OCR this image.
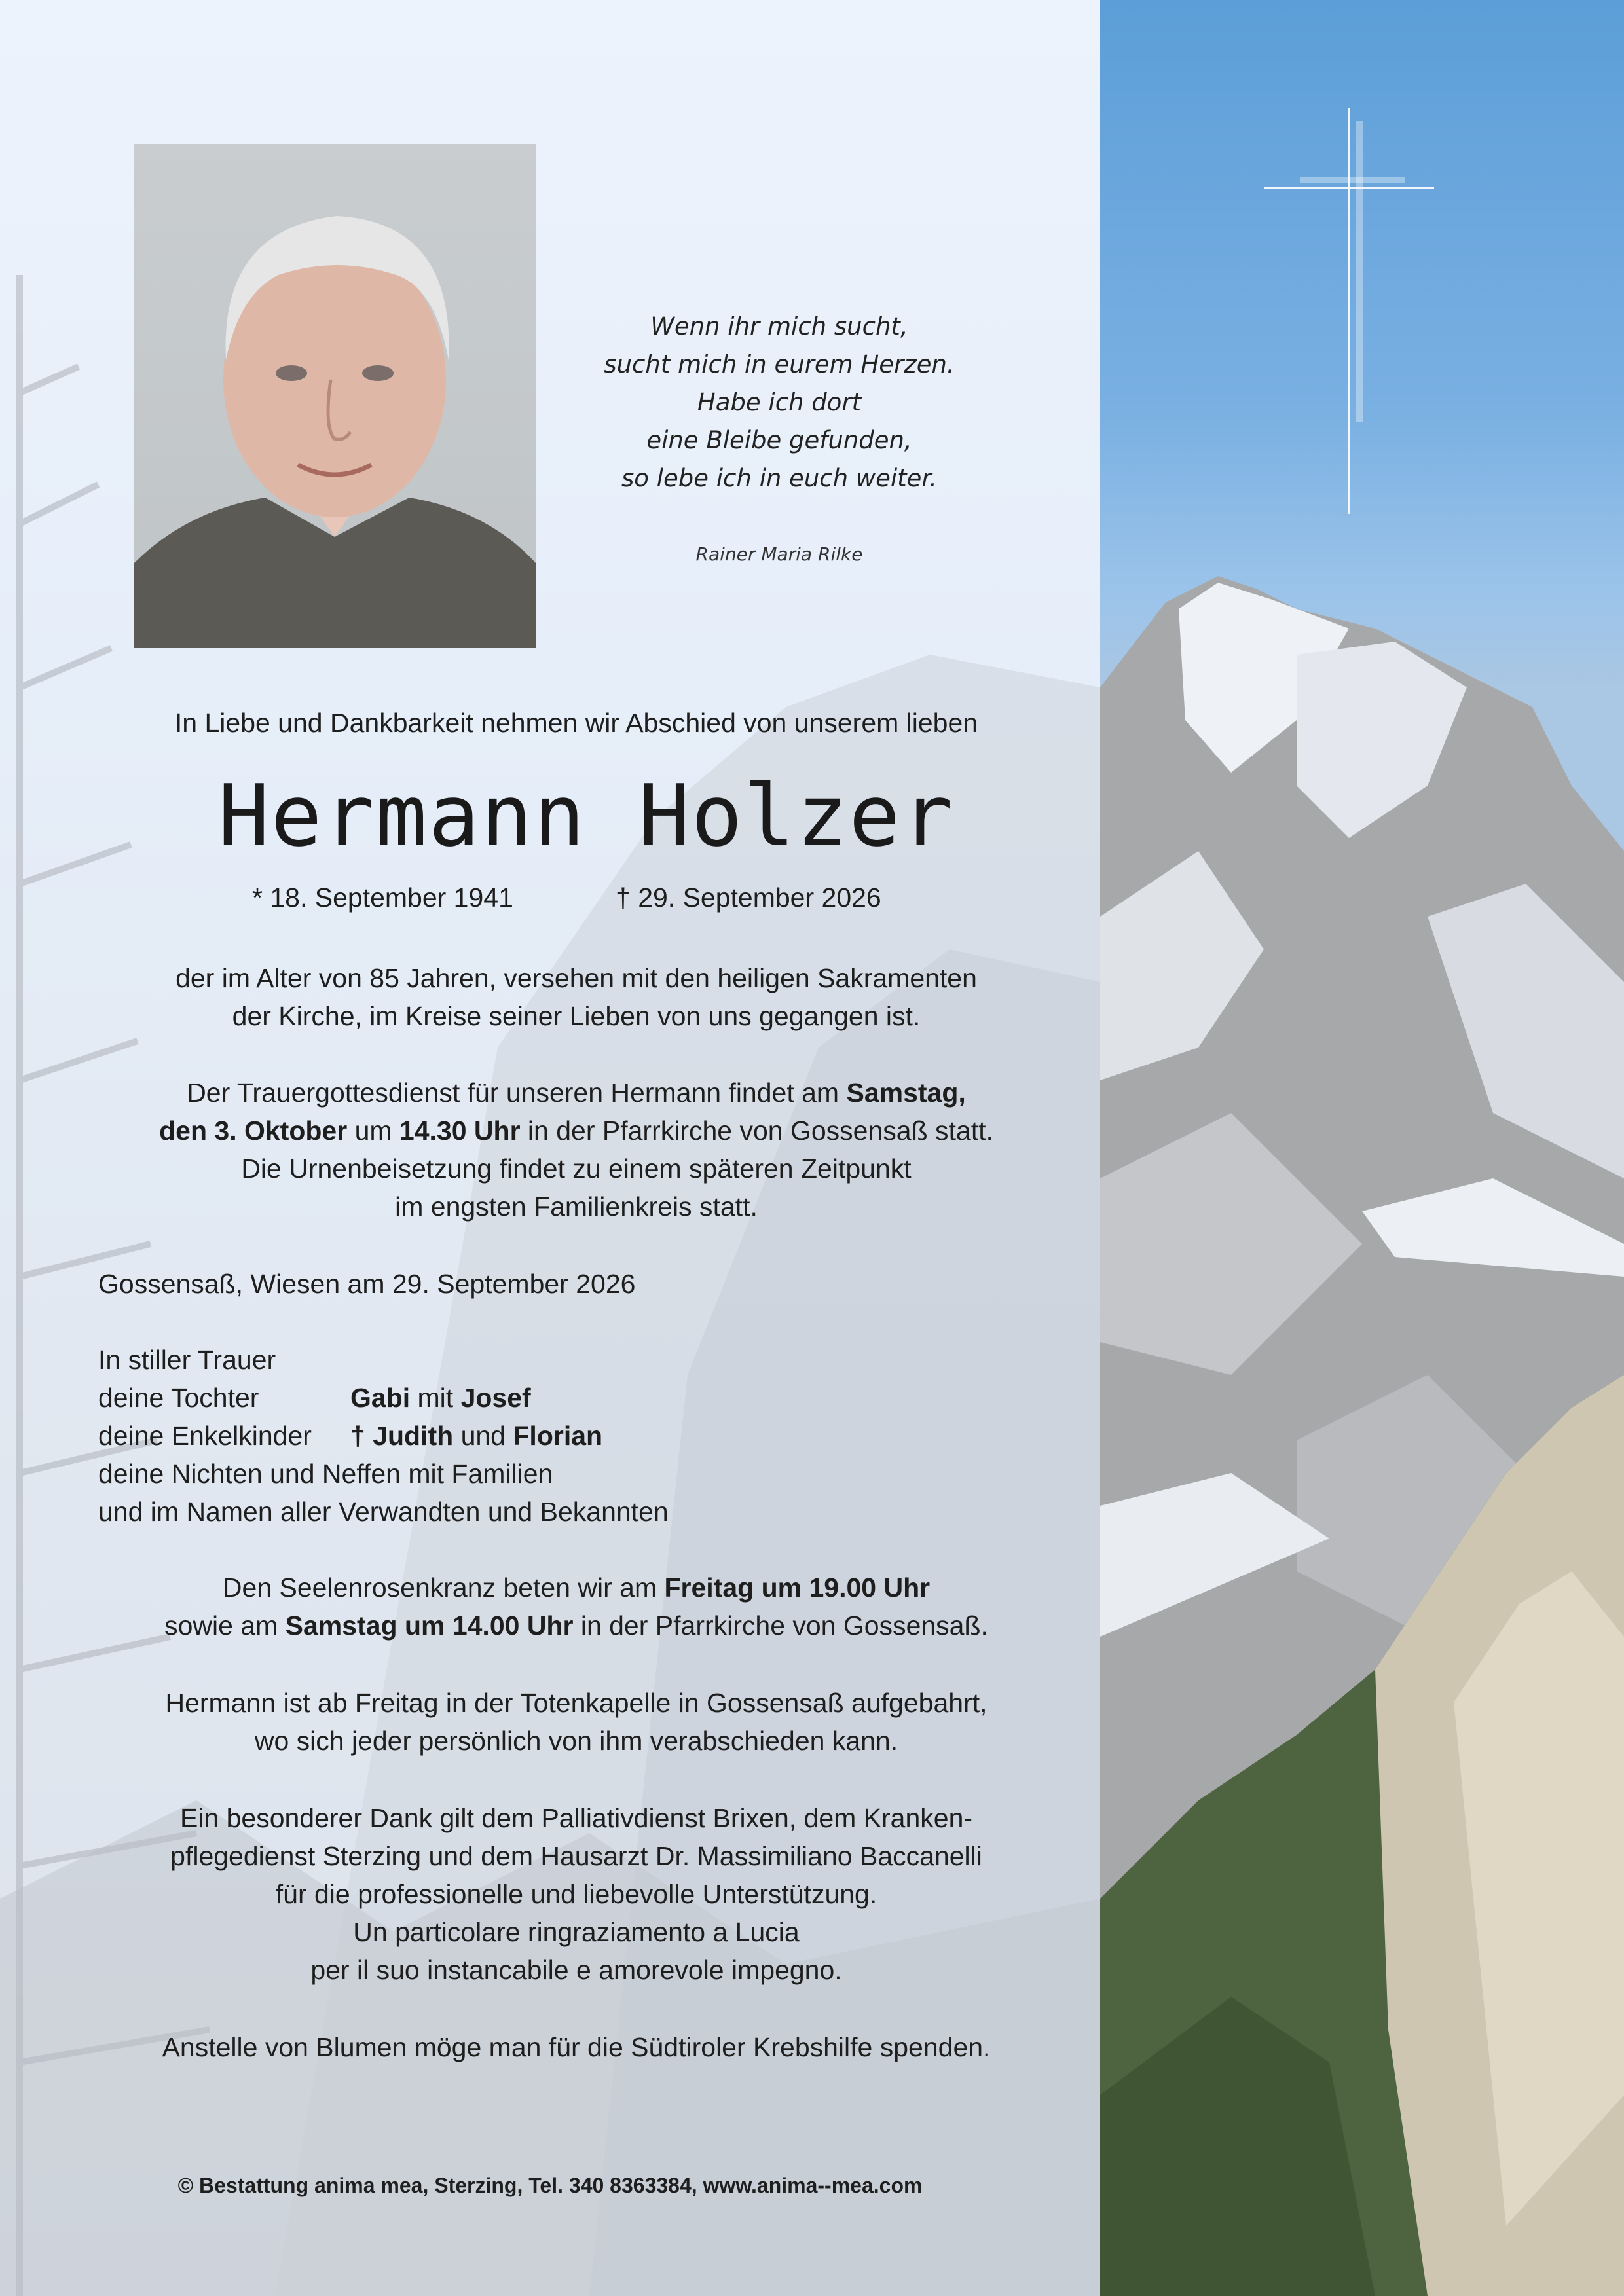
Wenn ihr mich sucht,
sucht mich in eurem Herzen.
Habe ich dort
eine Bleibe gefunden,
so lebe ich in euch weiter.
Rainer Maria Rilke
In Liebe und Dankbarkeit nehmen wir Abschied von unserem lieben
Hermann Holzer
* 18. September 1941	† 29. September 2026
der im Alter von 85 Jahren, versehen mit den heiligen Sakramenten
der Kirche, im Kreise seiner Lieben von uns gegangen ist.
Der Trauergottesdienst für unseren Hermann findet am Samstag,
den 3. Oktober um 14.30 Uhr in der Pfarrkirche von Gossensaß statt.
Die Urnenbeisetzung findet zu einem späteren Zeitpunkt
im engsten Familienkreis statt.
Gossensaß, Wiesen am 29. September 2026
In stiller Trauer
deine Tochter	Gabi mit Josef
deine Enkelkinder † Judith und Florian
deine Nichten und Neffen mit Familien
und im Namen aller Verwandten und Bekannten
Den Seelenrosenkranz beten wir am Freitag um 19.00 Uhr
sowie am Samstag um 14.00 Uhr in der Pfarrkirche von Gossensaß.
Hermann ist ab Freitag in der Totenkapelle in Gossensaß aufgebahrt,
wo sich jeder persönlich von ihm verabschieden kann.
Ein besonderer Dank gilt dem Palliativdienst Brixen, dem Kranken-
pflegedienst Sterzing und dem Hausarzt Dr. Massimiliano Baccanelli
für die professionelle und liebevolle Unterstützung.
Un particolare ringraziamento a Lucia
per il suo instancabile e amorevole impegno.
Anstelle von Blumen möge man für die Südtiroler Krebshilfe spenden.
© Bestattung anima mea, Sterzing, Tel. 340 8363384, www.anima--mea.com
